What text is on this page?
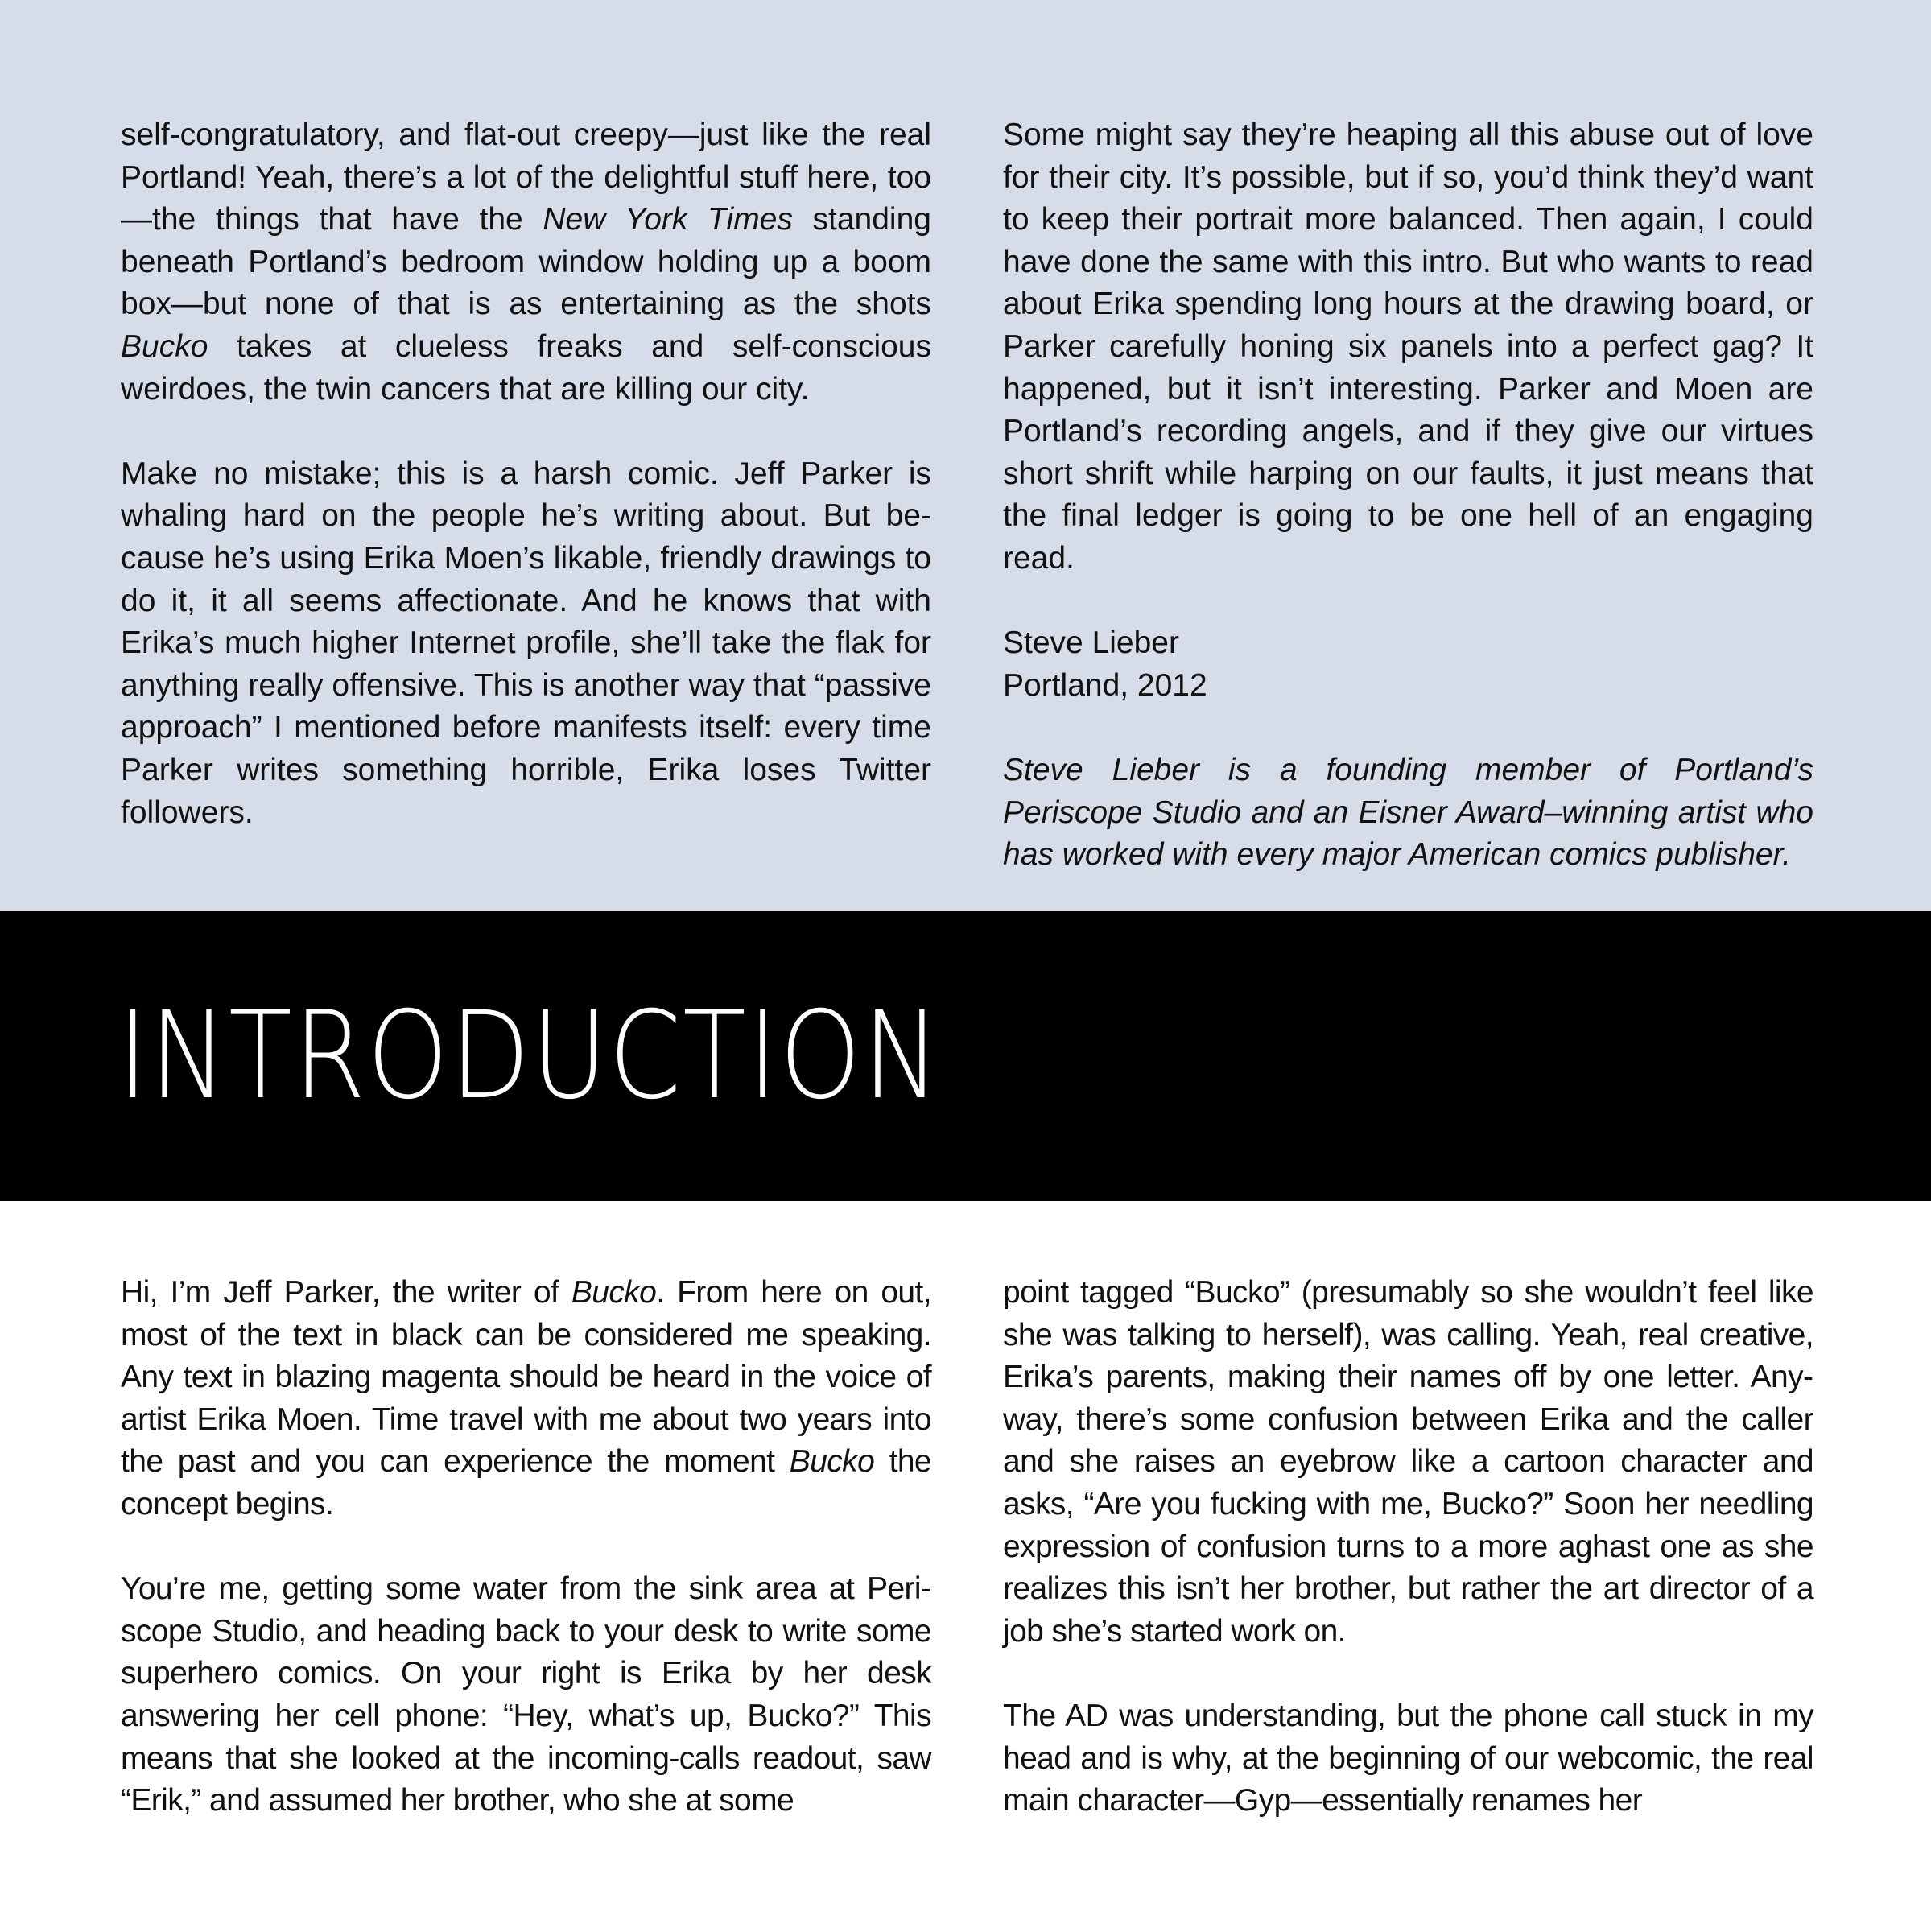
self-congratulatory, and flat-out creepy—just like the real Portland! Yeah, there’s a lot of the delightful stuff here, too—the things that have the New York Times standing beneath Portland’s bedroom window holding up a boom box—but none of that is as entertaining as the shots Bucko takes at clueless freaks and self-conscious weirdoes, the twin cancers that are killing our city.

Make no mistake; this is a harsh comic. Jeff Parker is whaling hard on the people he’s writing about. But because he’s using Erika Moen’s likable, friendly drawings to do it, it all seems affectionate. And he knows that with Erika’s much higher Internet profile, she’ll take the flak for anything really offensive. This is another way that “passive approach” I mentioned before manifests itself: every time Parker writes something horrible, Erika loses Twitter followers.

Some might say they’re heaping all this abuse out of love for their city. It’s possible, but if so, you’d think they’d want to keep their portrait more balanced. Then again, I could have done the same with this intro. But who wants to read about Erika spending long hours at the drawing board, or Parker carefully honing six panels into a perfect gag? It happened, but it isn’t interesting. Parker and Moen are Portland’s recording angels, and if they give our virtues short shrift while harping on our faults, it just means that the final ledger is going to be one hell of an engaging read.

Steve Lieber

Portland, 2012

Steve Lieber is a founding member of Portland’s Periscope Studio and an Eisner Award–winning artist who has worked with every major American comics publisher.

INTRODUCTION

Hi, I’m Jeff Parker, the writer of Bucko. From here on out, most of the text in black can be considered me speaking. Any text in blazing magenta should be heard in the voice of artist Erika Moen. Time travel with me about two years into the past and you can experience the moment Bucko the concept begins.

You’re me, getting some water from the sink area at Periscope Studio, and heading back to your desk to write some superhero comics. On your right is Erika by her desk answering her cell phone: “Hey, what’s up, Bucko?” This means that she looked at the incoming-calls readout, saw “Erik,” and assumed her brother, who she at some

point tagged “Bucko” (presumably so she wouldn’t feel like she was talking to herself), was calling. Yeah, real creative, Erika’s parents, making their names off by one letter. Anyway, there’s some confusion between Erika and the caller and she raises an eyebrow like a cartoon character and asks, “Are you fucking with me, Bucko?” Soon her needling expression of confusion turns to a more aghast one as she realizes this isn’t her brother, but rather the art director of a job she’s started work on.

The AD was understanding, but the phone call stuck in my head and is why, at the beginning of our webcomic, the real main character—Gyp—essentially renames her
